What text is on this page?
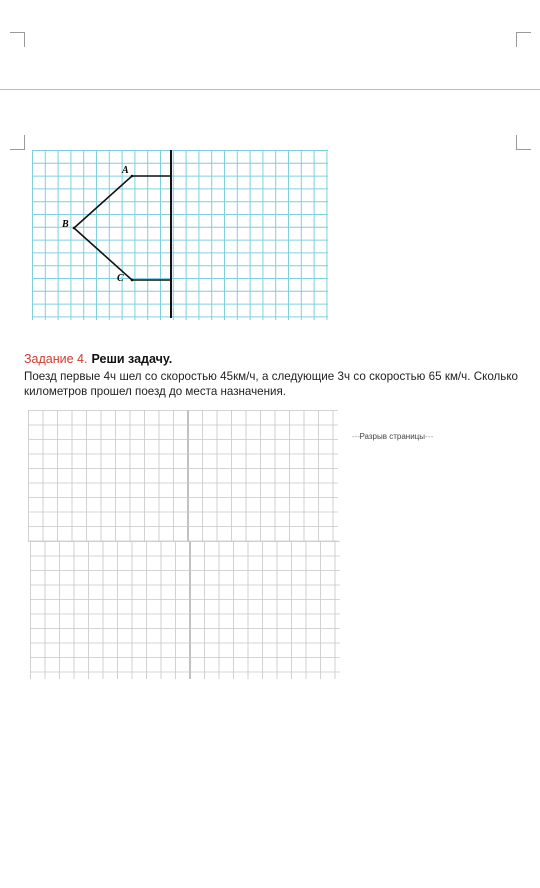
A
B
C
Задание 4. Реши задачу.
Поезд первые 4ч шел со скоростью 45км/ч, а следующие 3ч со скоростью 65 км/ч. Сколько километров прошел поезд до места назначения.
- - -Разрыв страницы- - -
